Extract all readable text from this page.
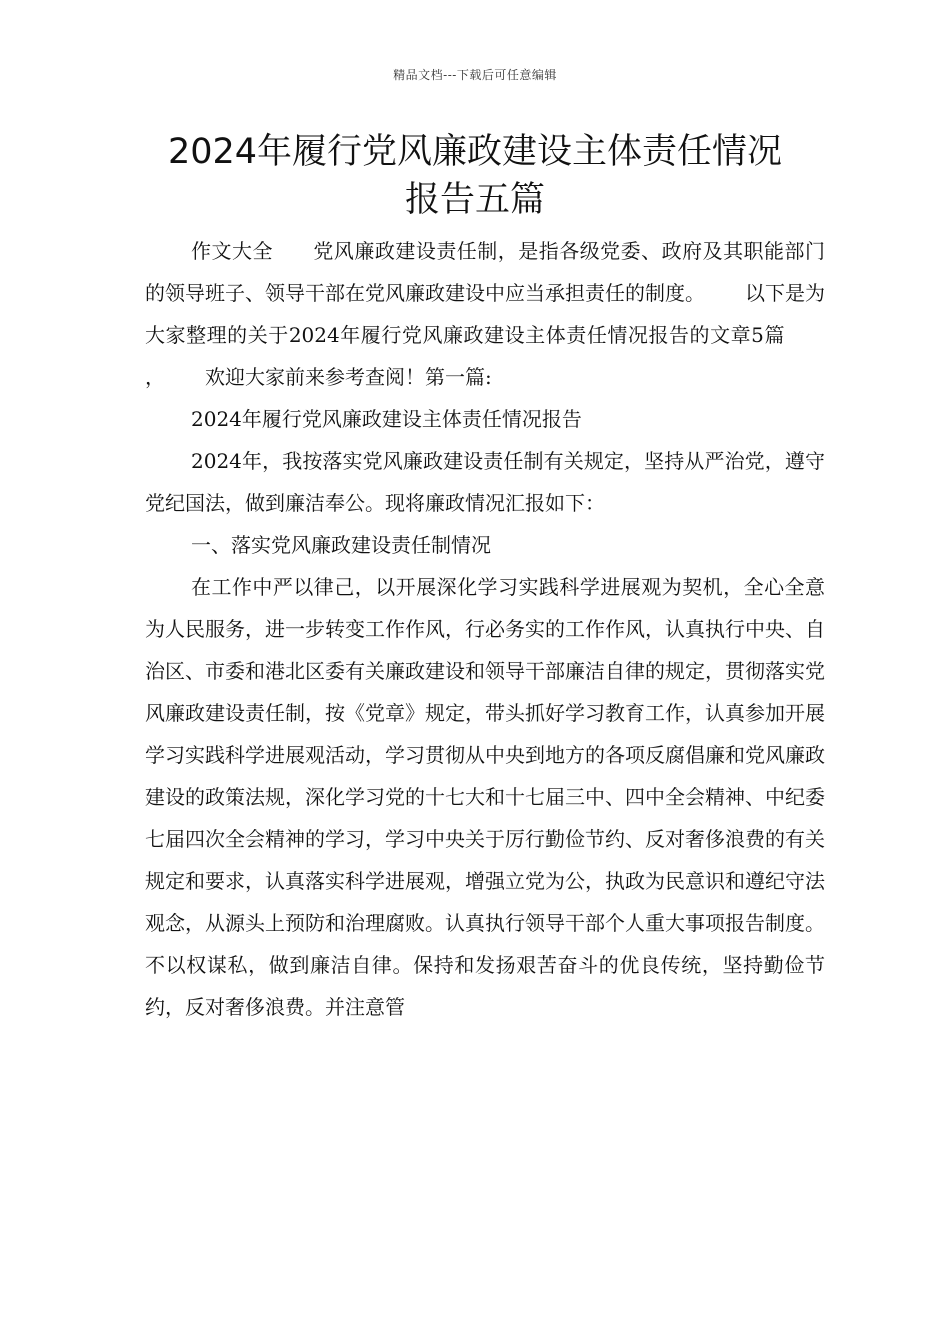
精品文档---下载后可任意编辑
2024年履行党风廉政建设主体责任情况
报告五篇

作文大全 党风廉政建设责任制，是指各级党委、政府及其职能部门的领导班子、领导干部在党风廉政建设中应当承担责任的制度。 以下是为大家整理的关于2024年履行党风廉政建设主体责任情况报告的文章5篇， 欢迎大家前来参考查阅！第一篇:

2024年履行党风廉政建设主体责任情况报告

2024年，我按落实党风廉政建设责任制有关规定，坚持从严治党，遵守党纪国法，做到廉洁奉公。现将廉政情况汇报如下：

一、落实党风廉政建设责任制情况

在工作中严以律己，以开展深化学习实践科学进展观为契机，全心全意为人民服务，进一步转变工作作风，行必务实的工作作风，认真执行中央、自治区、市委和港北区委有关廉政建设和领导干部廉洁自律的规定，贯彻落实党风廉政建设责任制，按《党章》规定，带头抓好学习教育工作，认真参加开展学习实践科学进展观活动，学习贯彻从中央到地方的各项反腐倡廉和党风廉政建设的政策法规，深化学习党的十七大和十七届三中、四中全会精神、中纪委七届四次全会精神的学习，学习中央关于厉行勤俭节约、反对奢侈浪费的有关规定和要求，认真落实科学进展观，增强立党为公，执政为民意识和遵纪守法观念，从源头上预防和治理腐败。认真执行领导干部个人重大事项报告制度。不以权谋私，做到廉洁自律。保持和发扬艰苦奋斗的优良传统，坚持勤俭节约，反对奢侈浪费。并注意管
